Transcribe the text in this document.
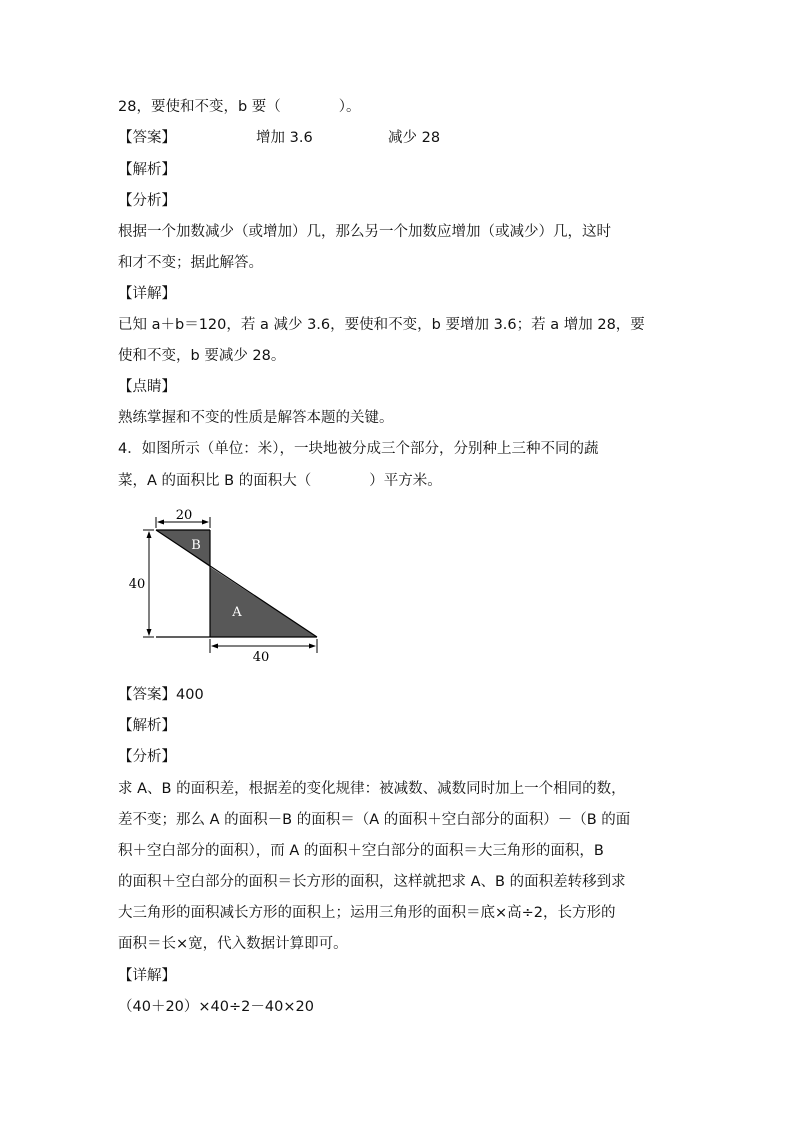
28，要使和不变，b 要（　　　　）。
【答案】	增加 3.6	减少 28
【解析】
【分析】
根据一个加数减少（或增加）几，那么另一个加数应增加（或减少）几，这时
和才不变；据此解答。
【详解】
已知 a＋b＝120，若 a 减少 3.6，要使和不变，b 要增加 3.6；若 a 增加 28，要
使和不变，b 要减少 28。
【点睛】
熟练掌握和不变的性质是解答本题的关键。
4．如图所示（单位：米），一块地被分成三个部分，分别种上三种不同的蔬
菜，A 的面积比 B 的面积大（　　　　）平方米。
20
40
40
B
A
【答案】400
【解析】
【分析】
求 A、B 的面积差，根据差的变化规律：被减数、减数同时加上一个相同的数，
差不变；那么 A 的面积－B 的面积＝（A 的面积＋空白部分的面积）－（B 的面
积＋空白部分的面积），而 A 的面积＋空白部分的面积＝大三角形的面积，B
的面积＋空白部分的面积＝长方形的面积，这样就把求 A、B 的面积差转移到求
大三角形的面积减长方形的面积上；运用三角形的面积＝底×高÷2，长方形的
面积＝长×宽，代入数据计算即可。
【详解】
（40＋20）×40÷2－40×20
